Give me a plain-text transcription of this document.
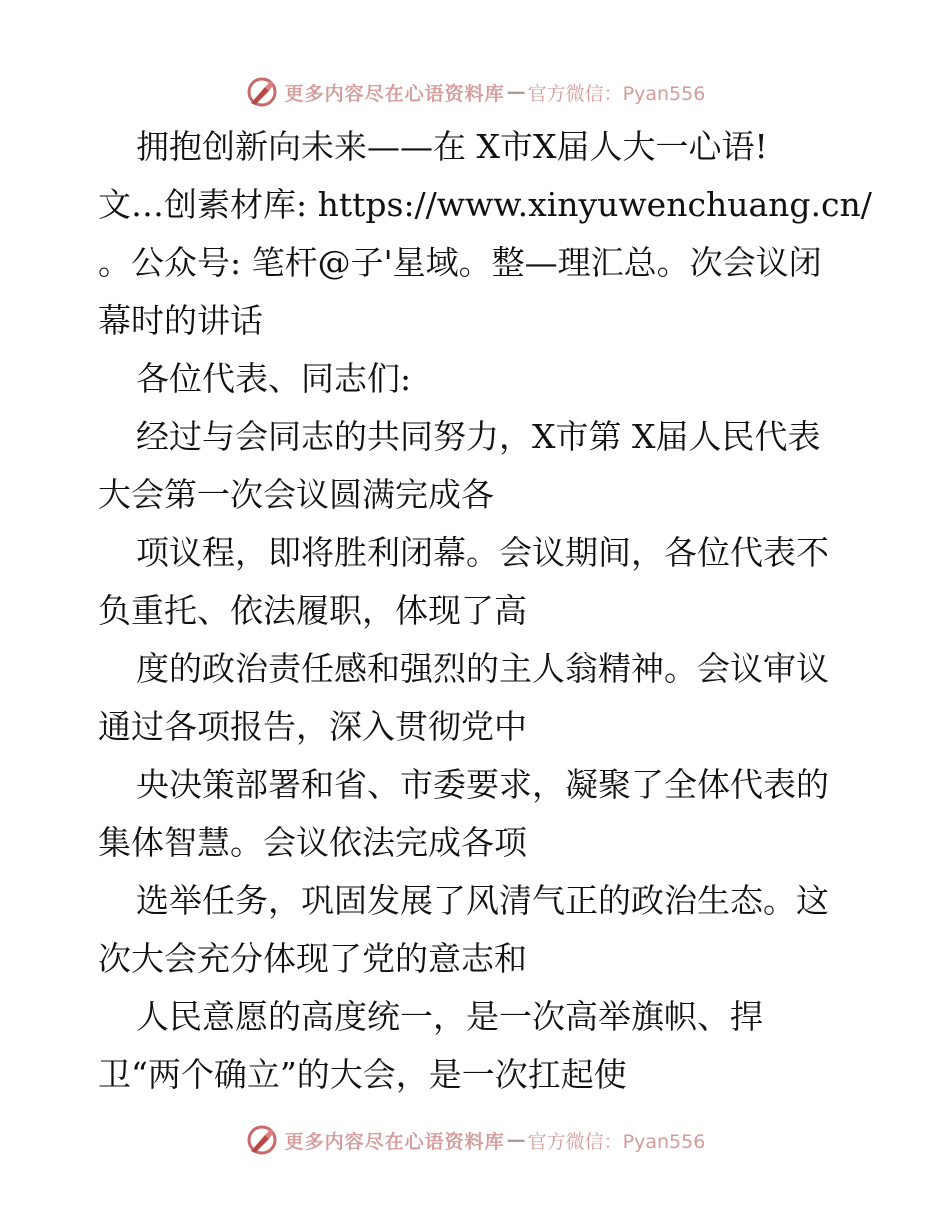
更多内容尽在心语资料库 — 官方微信：Pyan556
拥抱创新向未来——在 X市X届人大一心语!
文…创素材库: https://www.xinyuwenchuang.cn/
。公众号: 笔杆@子'星域。整—理汇总。次会议闭
幕时的讲话
各位代表、同志们:
经过与会同志的共同努力，X市第 X届人民代表
大会第一次会议圆满完成各
项议程，即将胜利闭幕。会议期间，各位代表不
负重托、依法履职，体现了高
度的政治责任感和强烈的主人翁精神。会议审议
通过各项报告，深入贯彻党中
央决策部署和省、市委要求，凝聚了全体代表的
集体智慧。会议依法完成各项
选举任务，巩固发展了风清气正的政治生态。这
次大会充分体现了党的意志和
人民意愿的高度统一，是一次高举旗帜、捍
卫“两个确立”的大会，是一次扛起使
更多内容尽在心语资料库 — 官方微信：Pyan556
